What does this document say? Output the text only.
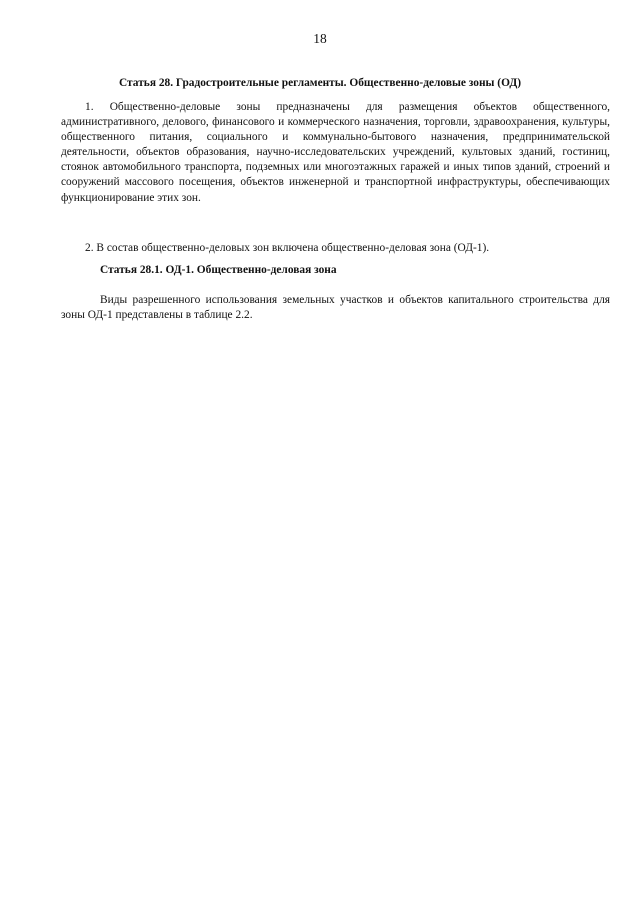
18
Статья 28. Градостроительные регламенты. Общественно-деловые зоны (ОД)

1. Общественно-деловые зоны предназначены для размещения объектов общественного, административного, делового, финансового и коммерческого назначения, торговли, здравоохранения, культуры, общественного питания, социального и коммунально-бытового назначения, предпринимательской деятельности, объектов образования, научно-исследовательских учреждений, культовых зданий, гостиниц, стоянок автомобильного транспорта, подземных или многоэтажных гаражей и иных типов зданий, строений и сооружений массового посещения, объектов инженерной и транспортной инфраструктуры, обеспечивающих функционирование этих зон.

2. В состав общественно-деловых зон включена общественно-деловая зона (ОД-1).

Статья 28.1. ОД-1. Общественно-деловая зона

Виды разрешенного использования земельных участков и объектов капитального строительства для зоны ОД-1 представлены в таблице 2.2.
